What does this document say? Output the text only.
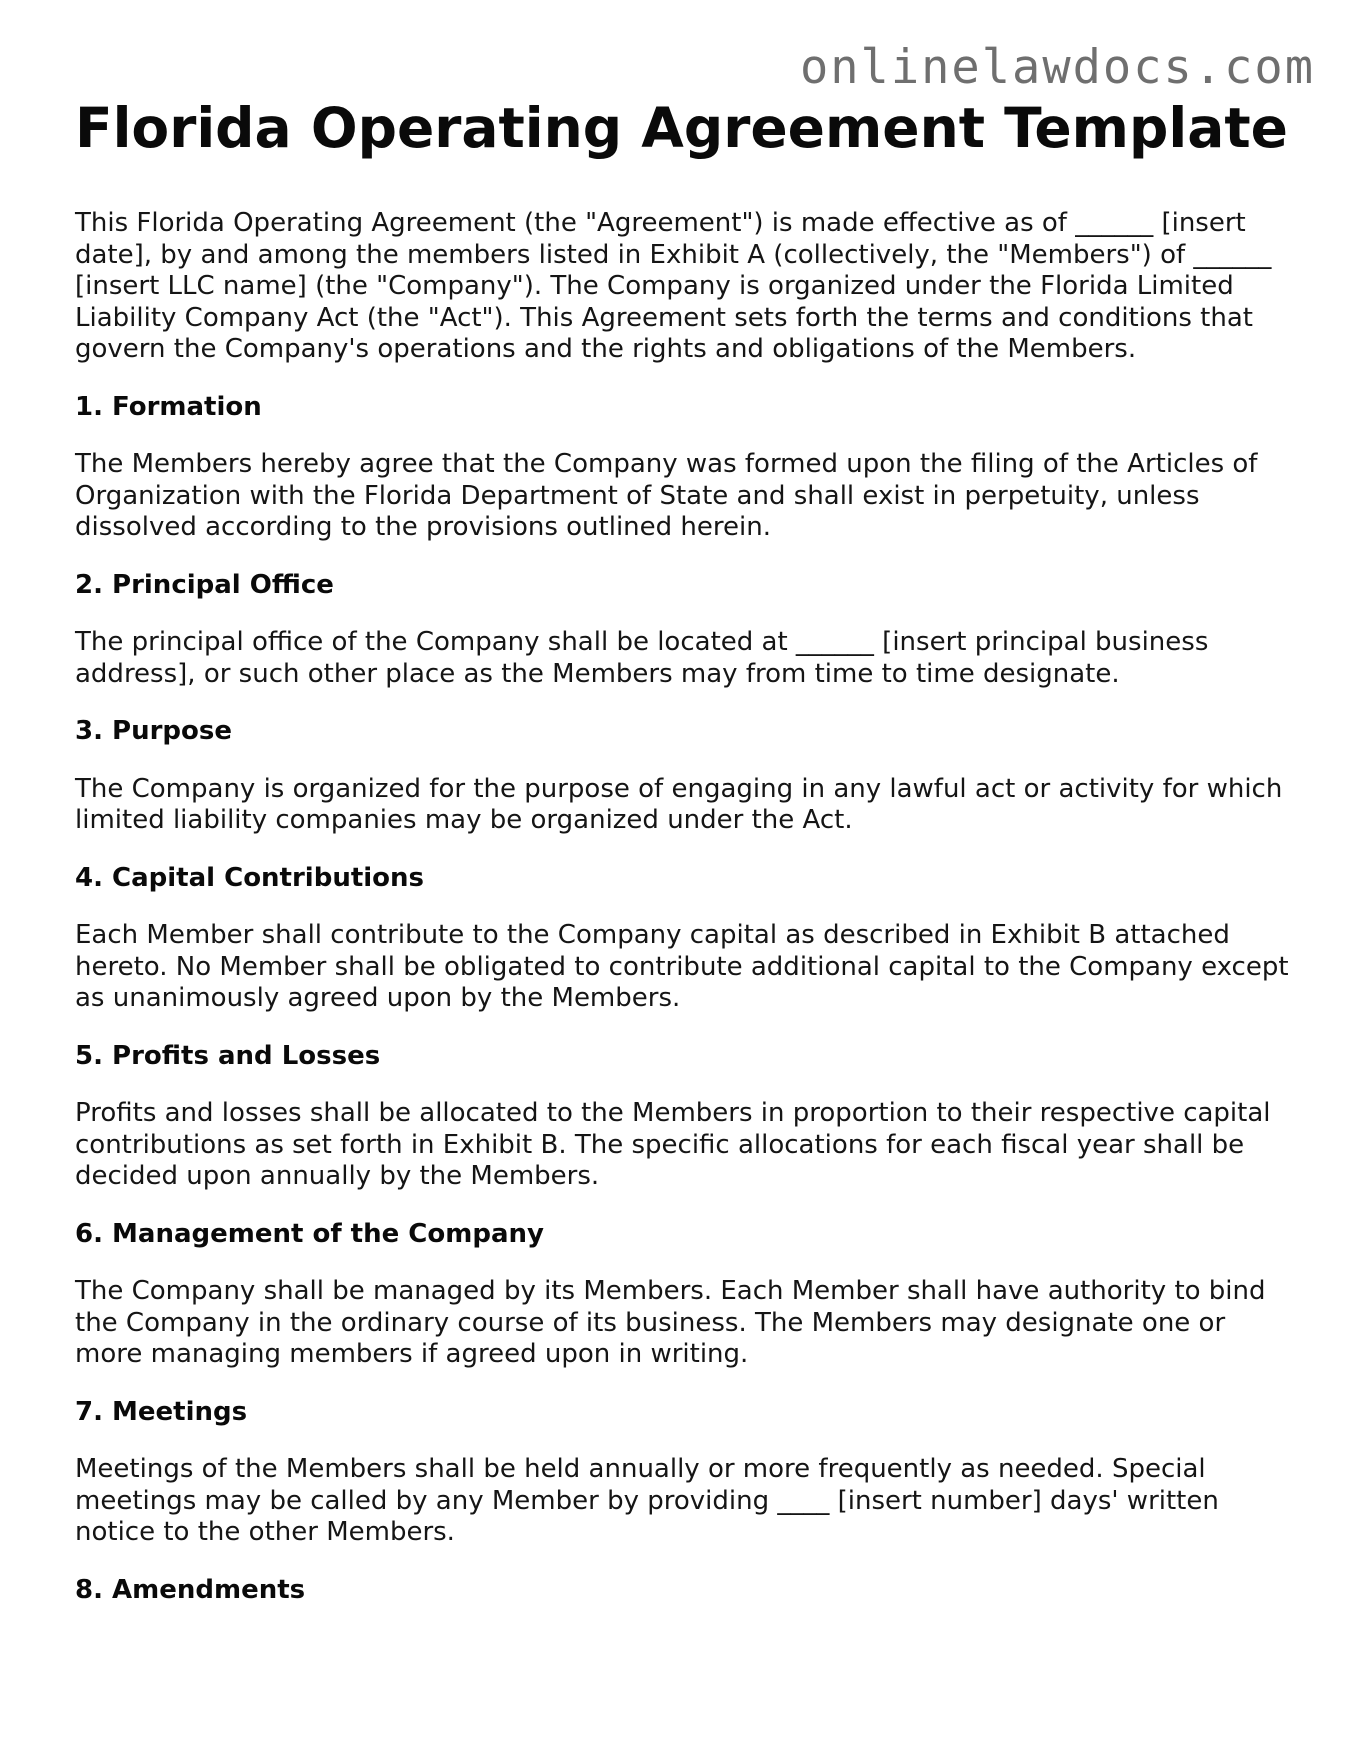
onlinelawdocs.com
Florida Operating Agreement Template

This Florida Operating Agreement (the "Agreement") is made effective as of ______ [insert date], by and among the members listed in Exhibit A (collectively, the "Members") of ______ [insert LLC name] (the "Company"). The Company is organized under the Florida Limited Liability Company Act (the "Act"). This Agreement sets forth the terms and conditions that govern the Company's operations and the rights and obligations of the Members.

1. Formation

The Members hereby agree that the Company was formed upon the filing of the Articles of Organization with the Florida Department of State and shall exist in perpetuity, unless dissolved according to the provisions outlined herein.

2. Principal Office

The principal office of the Company shall be located at ______ [insert principal business address], or such other place as the Members may from time to time designate.

3. Purpose

The Company is organized for the purpose of engaging in any lawful act or activity for which limited liability companies may be organized under the Act.

4. Capital Contributions

Each Member shall contribute to the Company capital as described in Exhibit B attached hereto. No Member shall be obligated to contribute additional capital to the Company except as unanimously agreed upon by the Members.

5. Profits and Losses

Profits and losses shall be allocated to the Members in proportion to their respective capital contributions as set forth in Exhibit B. The specific allocations for each fiscal year shall be decided upon annually by the Members.

6. Management of the Company

The Company shall be managed by its Members. Each Member shall have authority to bind the Company in the ordinary course of its business. The Members may designate one or more managing members if agreed upon in writing.

7. Meetings

Meetings of the Members shall be held annually or more frequently as needed. Special meetings may be called by any Member by providing ____ [insert number] days' written notice to the other Members.

8. Amendments
